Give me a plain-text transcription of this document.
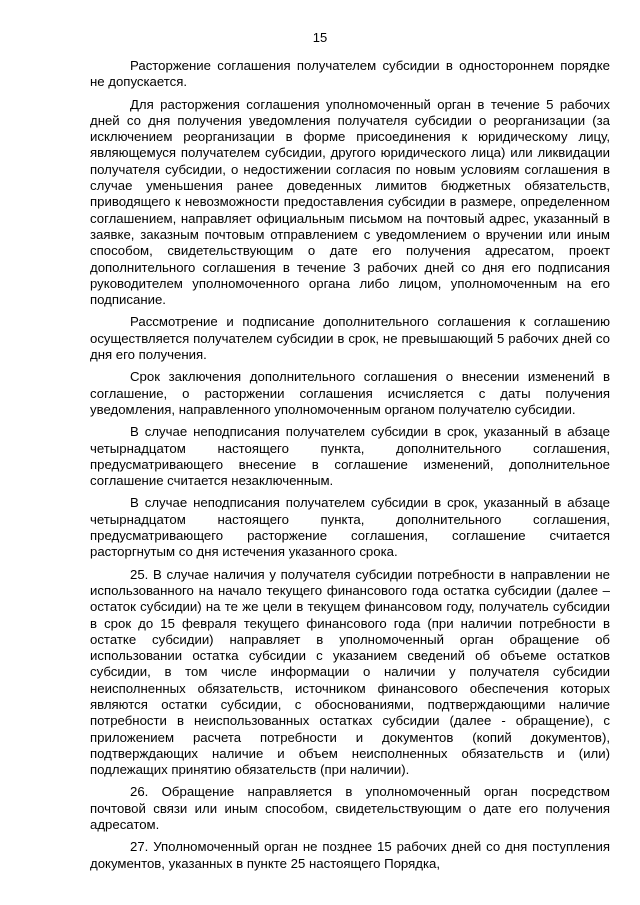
15

Расторжение соглашения получателем субсидии в одностороннем порядке не допускается.

Для расторжения соглашения уполномоченный орган в течение 5 рабочих дней со дня получения уведомления получателя субсидии о реорганизации (за исключением реорганизации в форме присоединения к юридическому лицу, являющемуся получателем субсидии, другого юридического лица) или ликвидации получателя субсидии, о недостижении согласия по новым условиям соглашения в случае уменьшения ранее доведенных лимитов бюджетных обязательств, приводящего к невозможности предоставления субсидии в размере, определенном соглашением, направляет официальным письмом на почтовый адрес, указанный в заявке, заказным почтовым отправлением с уведомлением о вручении или иным способом, свидетельствующим о дате его получения адресатом, проект дополнительного соглашения в течение 3 рабочих дней со дня его подписания руководителем уполномоченного органа либо лицом, уполномоченным на его подписание.

Рассмотрение и подписание дополнительного соглашения к соглашению осуществляется получателем субсидии в срок, не превышающий 5 рабочих дней со дня его получения.

Срок заключения дополнительного соглашения о внесении изменений в соглашение, о расторжении соглашения исчисляется с даты получения уведомления, направленного уполномоченным органом получателю субсидии.

В случае неподписания получателем субсидии в срок, указанный в абзаце четырнадцатом настоящего пункта, дополнительного соглашения, предусматривающего внесение в соглашение изменений, дополнительное соглашение считается незаключенным.

В случае неподписания получателем субсидии в срок, указанный в абзаце четырнадцатом настоящего пункта, дополнительного соглашения, предусматривающего расторжение соглашения, соглашение считается расторгнутым со дня истечения указанного срока.

25. В случае наличия у получателя субсидии потребности в направлении не использованного на начало текущего финансового года остатка субсидии (далее – остаток субсидии) на те же цели в текущем финансовом году, получатель субсидии в срок до 15 февраля текущего финансового года (при наличии потребности в остатке субсидии) направляет в уполномоченный орган обращение об использовании остатка субсидии с указанием сведений об объеме остатков субсидии, в том числе информации о наличии у получателя субсидии неисполненных обязательств, источником финансового обеспечения которых являются остатки субсидии, с обоснованиями, подтверждающими наличие потребности в неиспользованных остатках субсидии (далее - обращение), с приложением расчета потребности и документов (копий документов), подтверждающих наличие и объем неисполненных обязательств и (или) подлежащих принятию обязательств (при наличии).

26. Обращение направляется в уполномоченный орган посредством почтовой связи или иным способом, свидетельствующим о дате его получения адресатом.

27. Уполномоченный орган не позднее 15 рабочих дней со дня поступления документов, указанных в пункте 25 настоящего Порядка,
